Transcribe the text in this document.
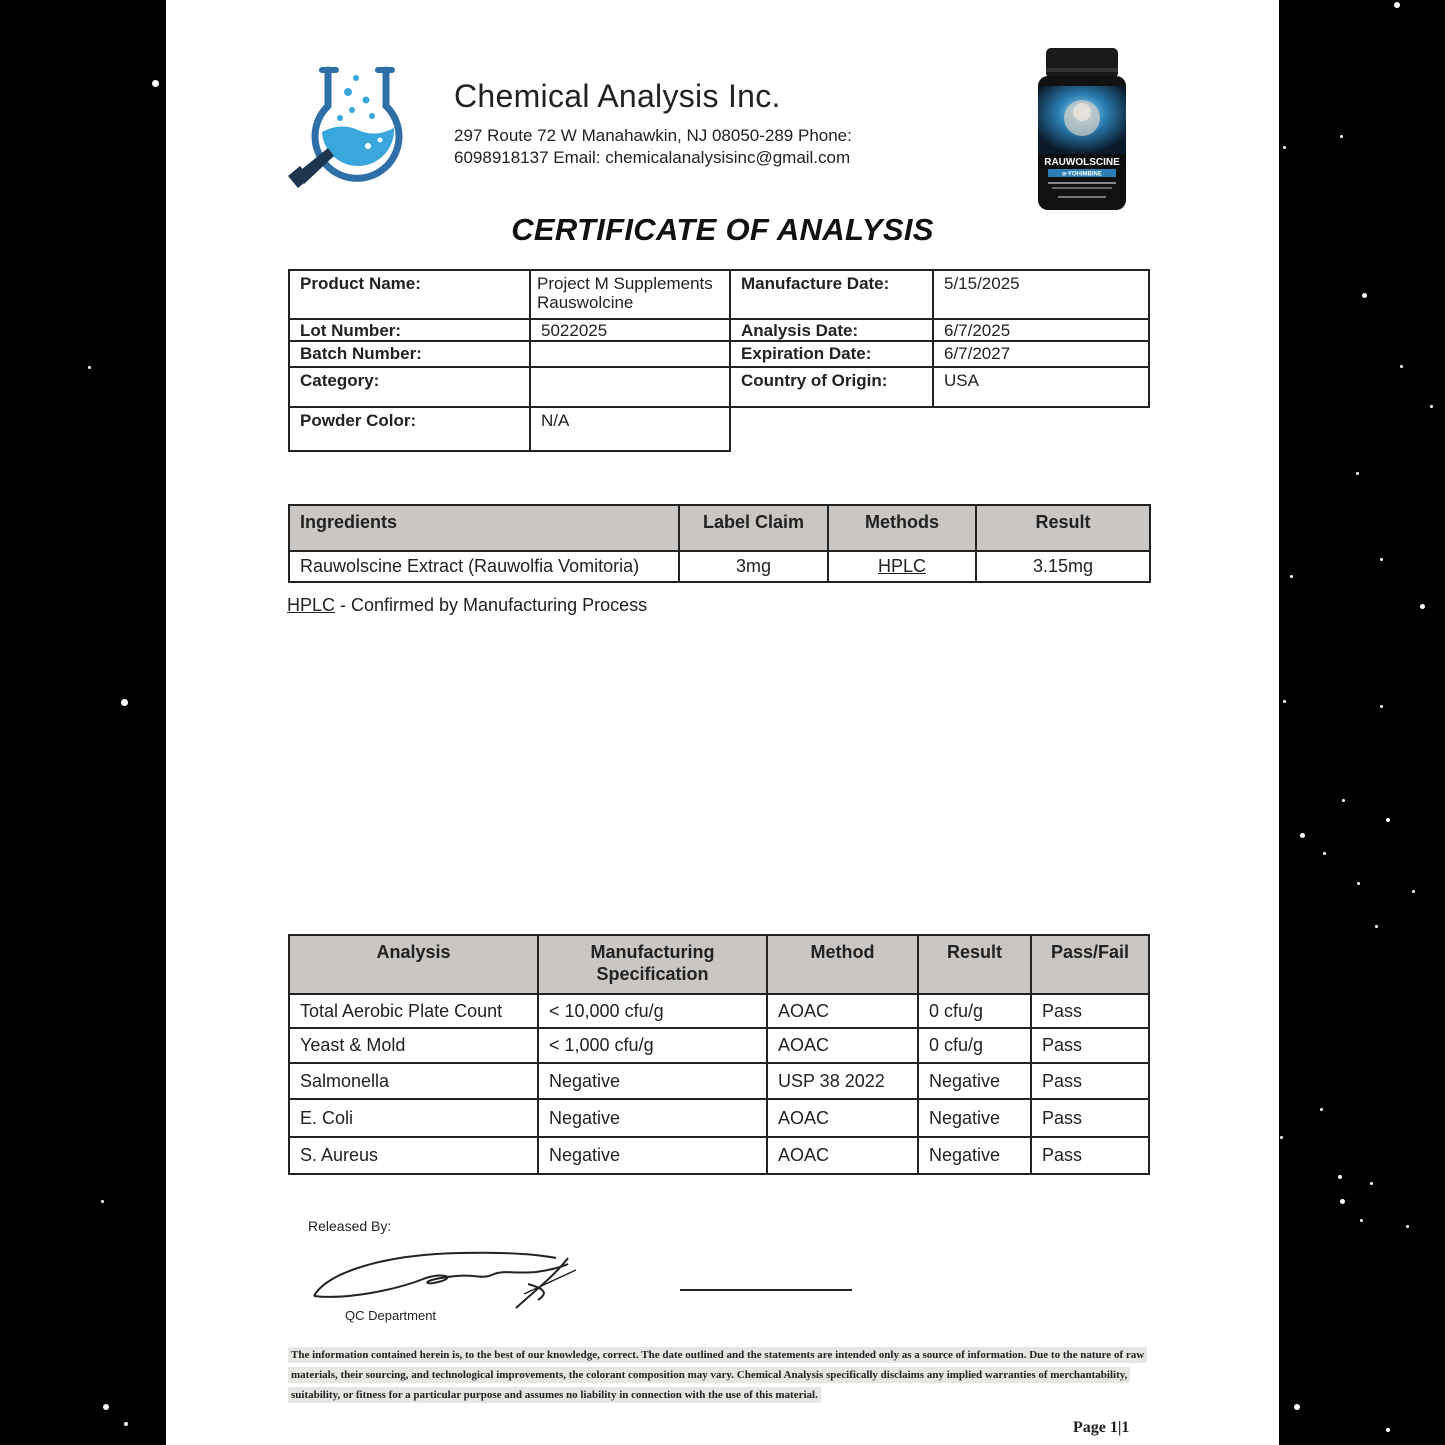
Chemical Analysis Inc.
297 Route 72 W Manahawkin, NJ 08050-289 Phone: 6098918137 Email: chemicalanalysisinc@gmail.com	RAUWOLSCINE
α-YOHIMBINE
CERTIFICATE OF ANALYSIS
Product Name:	Project M Supplements Rauswolcine	Manufacture Date:	5/15/2025
Lot Number:	5022025	Analysis Date:	6/7/2025
Batch Number:		Expiration Date:	6/7/2027
Category:		Country of Origin:	USA
Powder Color:	N/A		
Ingredients	Label Claim	Methods	Result
Rauwolscine Extract (Rauwolfia Vomitoria)	3mg	HPLC	3.15mg
HPLC - Confirmed by Manufacturing Process
Analysis	Manufacturing Specification	Method	Result	Pass/Fail
Total Aerobic Plate Count	< 10,000 cfu/g	AOAC	0 cfu/g	Pass
Yeast & Mold	< 1,000 cfu/g	AOAC	0 cfu/g	Pass
Salmonella	Negative	USP 38 2022	Negative	Pass
E. Coli	Negative	AOAC	Negative	Pass
S. Aureus	Negative	AOAC	Negative	Pass
Released By:
QC Department
The information contained herein is, to the best of our knowledge, correct. The date outlined and the statements are intended only as a source of information. Due to the nature of raw materials, their sourcing, and technological improvements, the colorant composition may vary. Chemical Analysis specifically disclaims any implied warranties of merchantability, suitability, or fitness for a particular purpose and assumes no liability in connection with the use of this material.
Page 1|1
